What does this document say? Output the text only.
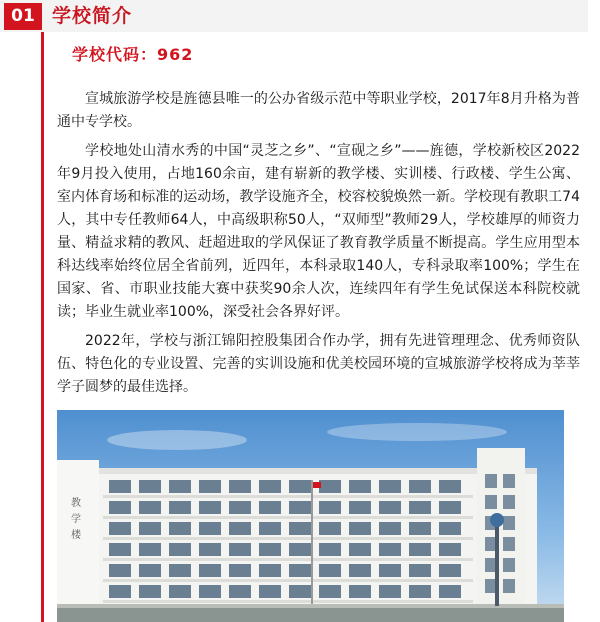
01 学校简介
学校代码：962

宣城旅游学校是旌德县唯一的公办省级示范中等职业学校，2017年8月升格为普通中专学校。

学校地处山清水秀的中国“灵芝之乡”、“宣砚之乡”——旌德，学校新校区2022年9月投入使用，占地160余亩，建有崭新的教学楼、实训楼、行政楼、学生公寓、室内体育场和标准的运动场，教学设施齐全，校容校貌焕然一新。学校现有教职工74人，其中专任教师64人，中高级职称50人，“双师型”教师29人，学校雄厚的师资力量、精益求精的教风、赶超进取的学风保证了教育教学质量不断提高。学生应用型本科达线率始终位居全省前列，近四年，本科录取140人，专科录取率100%；学生在国家、省、市职业技能大赛中获奖90余人次，连续四年有学生免试保送本科院校就读；毕业生就业率100%，深受社会各界好评。

2022年，学校与浙江锦阳控股集团合作办学，拥有先进管理理念、优秀师资队伍、特色化的专业设置、完善的实训设施和优美校园环境的宣城旅游学校将成为莘莘学子圆梦的最佳选择。

教
学
楼
